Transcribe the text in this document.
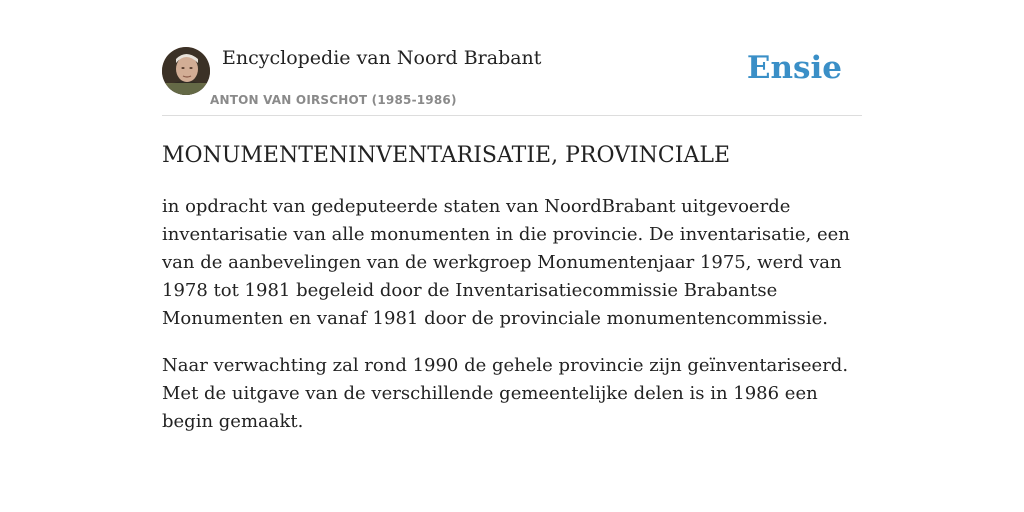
Encyclopedie van Noord Brabant
ANTON VAN OIRSCHOT (1985-1986)
Ensie
MONUMENTENINVENTARISATIE, PROVINCIALE

in opdracht van gedeputeerde staten van NoordBrabant uitgevoerde inventarisatie van alle monumenten in die provincie. De inventarisatie, een van de aanbevelingen van de werkgroep Monumentenjaar 1975, werd van 1978 tot 1981 begeleid door de Inventarisatiecommissie Brabantse Monumenten en vanaf 1981 door de provinciale monumentencommissie.

Naar verwachting zal rond 1990 de gehele provincie zijn geïnventariseerd. Met de uitgave van de verschillende gemeentelijke delen is in 1986 een begin gemaakt.
